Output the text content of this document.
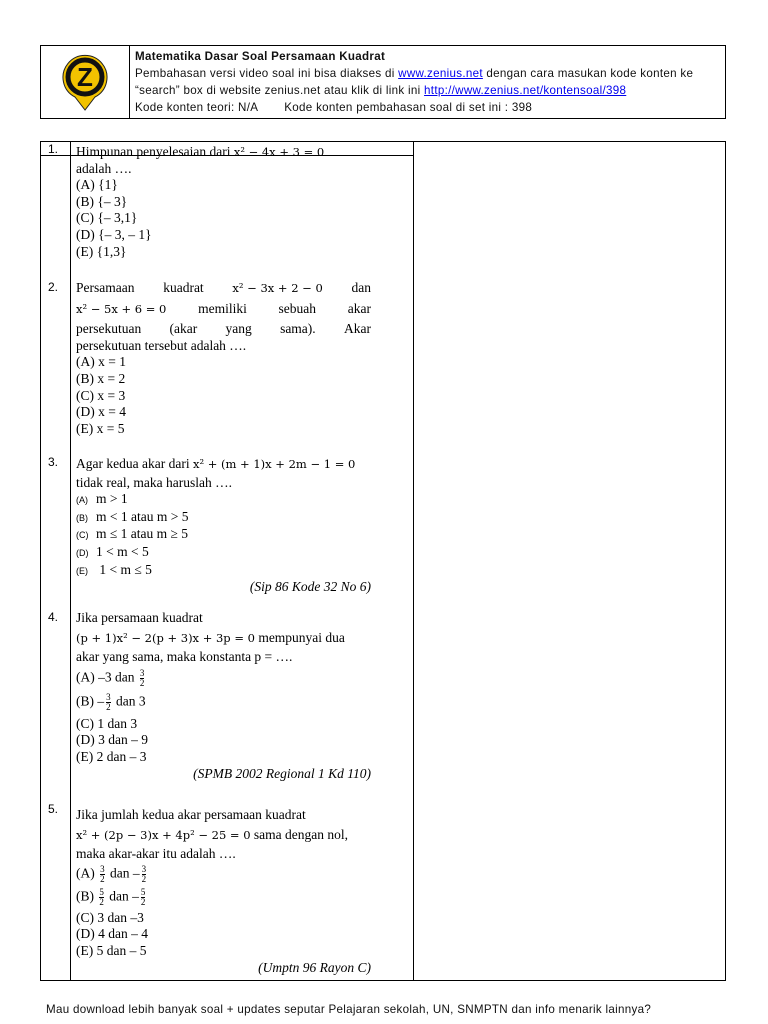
Z
Matematika Dasar Soal Persamaan Kuadrat
Pembahasan versi video soal ini bisa diakses di www.zenius.net dengan cara masukan kode konten ke
“search” box di website zenius.net atau klik di link ini http://www.zenius.net/kontensoal/398
Kode konten teori: N/A Kode konten pembahasan soal di set ini : 398
1. Himpunan penyelesaian dari x² − 4x + 3 = 0
adalah ….
(A) {1}
(B) {– 3}
(C) {– 3,1}
(D) {– 3, – 1}
(E) {1,3}
2. Persamaan kuadrat x² − 3x + 2 − 0 dan
x² − 5x + 6 = 0 memiliki sebuah akar
persekutuan (akar yang sama). Akar
persekutuan tersebut adalah ….
(A) x = 1
(B) x = 2
(C) x = 3
(D) x = 4
(E) x = 5
3. Agar kedua akar dari x² + (m + 1)x + 2m − 1 = 0
tidak real, maka haruslah ….
(A) m > 1
(B) m < 1 atau m > 5
(C) m ≤ 1 atau m ≥ 5
(D) 1 < m < 5
(E) 1 < m ≤ 5
(Sip 86 Kode 32 No 6)
4. Jika persamaan kuadrat
(p + 1)x² − 2(p + 3)x + 3p = 0 mempunyai dua
akar yang sama, maka konstanta p = ….
(A) –3 dan $\frac{3}{2}$
$(B) - \frac{3}{2}$ dan 3
(C) 1 dan 3
(D) 3 dan – 9
(E) 2 dan – 3
(SPMB 2002 Regional 1 Kd 110)
5. Jika jumlah kedua akar persamaan kuadrat
x² + (2p − 3)x + 4p² − 25 = 0 sama dengan nol,
maka akar-akar itu adalah ….
$(A) \frac{3}{2}$ dan – $\frac{3}{2}$
$(B) \frac{5}{2}$ dan – $\frac{5}{2}$
(C) 3 dan –3
(D) 4 dan – 4
(E) 5 dan – 5
(Umptn 96 Rayon C)
Mau download lebih banyak soal + updates seputar Pelajaran sekolah, UN, SNMPTN dan info menarik lainnya?
